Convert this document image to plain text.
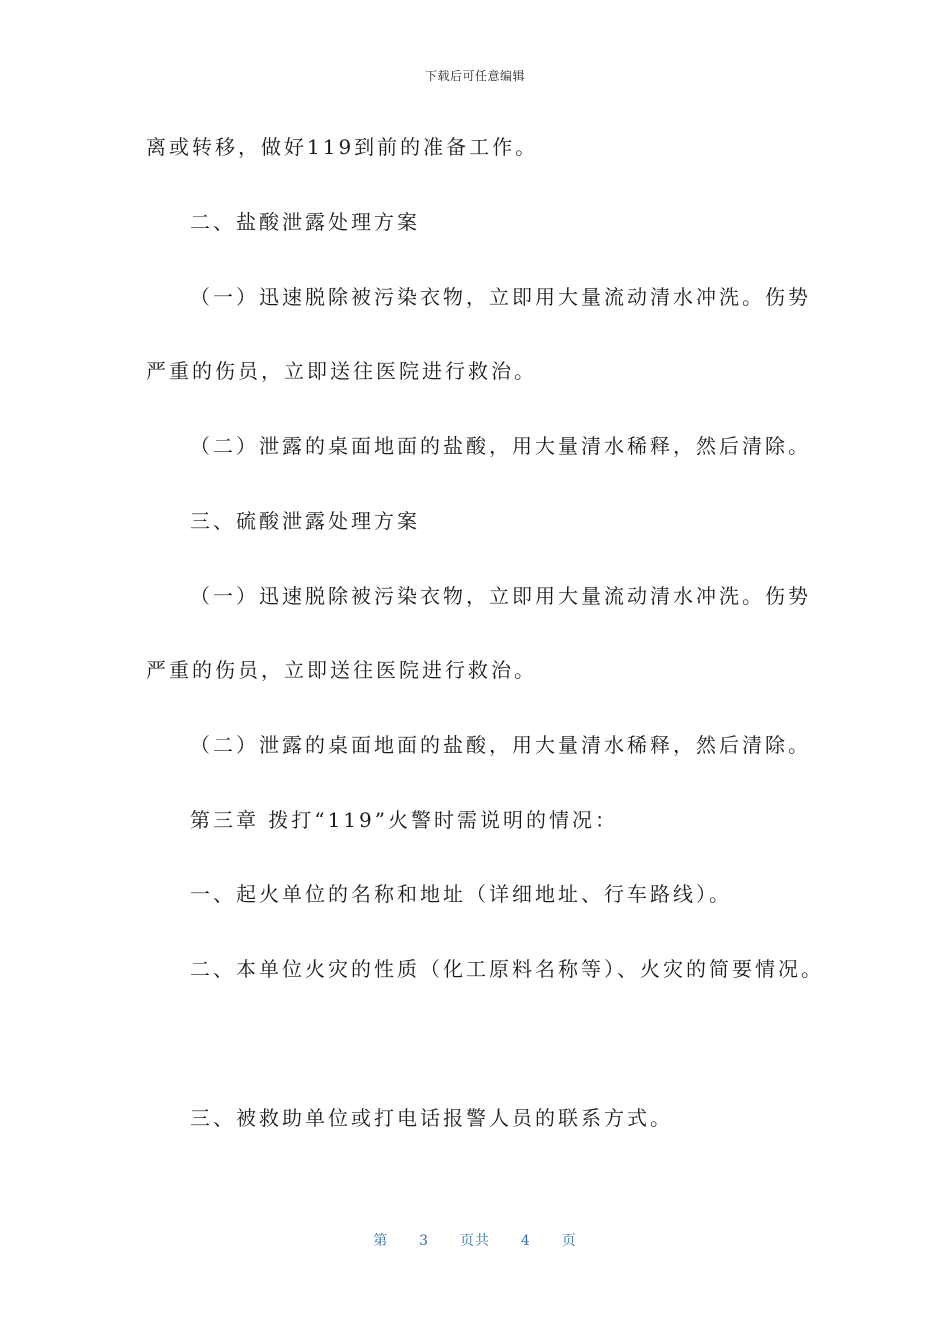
下载后可任意编辑
离或转移，做好119到前的准备工作。
二、盐酸泄露处理方案
（一）迅速脱除被污染衣物，立即用大量流动清水冲洗。伤势
严重的伤员，立即送往医院进行救治。
（二）泄露的桌面地面的盐酸，用大量清水稀释，然后清除。
三、硫酸泄露处理方案
（一）迅速脱除被污染衣物，立即用大量流动清水冲洗。伤势
严重的伤员，立即送往医院进行救治。
（二）泄露的桌面地面的盐酸，用大量清水稀释，然后清除。
第三章 拨打“119”火警时需说明的情况：
一、起火单位的名称和地址（详细地址、行车路线）。
二、本单位火灾的性质（化工原料名称等）、火灾的简要情况。
三、被救助单位或打电话报警人员的联系方式。
第 3 页共 4 页
